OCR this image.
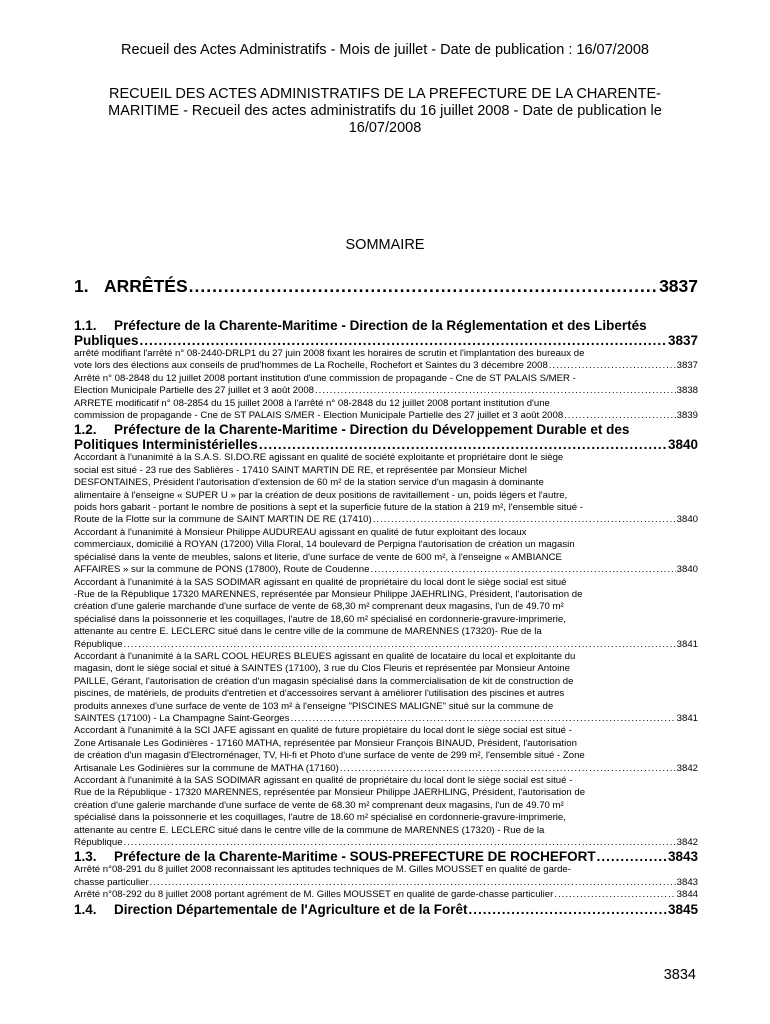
Recueil des Actes Administratifs - Mois de juillet - Date de publication : 16/07/2008
RECUEIL DES ACTES ADMINISTRATIFS DE LA PREFECTURE DE LA CHARENTE-MARITIME - Recueil des actes administratifs du 16 juillet 2008 - Date de publication le 16/07/2008
SOMMAIRE
1. ARRÊTÉS .....	3837
1.1. Préfecture de la Charente-Maritime - Direction de la Réglementation et des Libertés
Publiques .....	3837
arrêté modifiant l'arrêté n° 08-2440-DRLP1 du 27 juin 2008 fixant les horaires de scrutin et l'implantation des bureaux de
vote lors des élections aux conseils de prud'hommes de La Rochelle, Rochefort et Saintes du 3 décembre 2008 .....	3837
Arrêté n° 08-2848 du 12 juillet 2008 portant institution d'une commission de propagande - Cne de ST PALAIS S/MER -
Election Municipale Partielle des 27 juillet et 3 août 2008 .....	3838
ARRETE modificatif n° 08-2854 du 15 juillet 2008 à l'arrêté n° 08-2848 du 12 juillet 2008 portant institution d'une
commission de propagande - Cne de ST PALAIS S/MER - Election Municipale Partielle des 27 juillet et 3 août 2008 .....	3839
1.2. Préfecture de la Charente-Maritime - Direction du Développement Durable et des
Politiques Interministérielles .....	3840
Accordant à l'unanimité à la S.A.S. SI.DO.RE agissant en qualité de société exploitante et propriétaire dont le siège
social est situé - 23 rue des Sablières - 17410 SAINT MARTIN DE RE, et représentée par Monsieur Michel
DESFONTAINES, Président l'autorisation d'extension de 60 m² de la station service d'un magasin à dominante
alimentaire à l'enseigne « SUPER U » par la création de deux positions de ravitaillement - un, poids légers et l'autre,
poids hors gabarit - portant le nombre de positions à sept et la superficie future de la station à 219 m², l'ensemble situé -
Route de la Flotte sur la commune de SAINT MARTIN DE RE (17410) .....	3840
Accordant à l'unanimité à Monsieur Philippe AUDUREAU agissant en qualité de futur exploitant des locaux
commerciaux, domicilié à ROYAN (17200) Villa Floral, 14 boulevard de Perpigna l'autorisation de création un magasin
spécialisé dans la vente de meubles, salons et literie, d'une surface de vente de 600 m², à l'enseigne « AMBIANCE
AFFAIRES » sur la commune de PONS (17800), Route de Coudenne .....	3840
Accordant à l'unanimité à la SAS SODIMAR agissant en qualité de propriétaire du local dont le siège social est situé
-Rue de la République 17320 MARENNES, représentée par Monsieur Philippe JAEHRLING, Président, l'autorisation de
création d'une galerie marchande d'une surface de vente de 68,30 m² comprenant deux magasins, l'un de 49.70 m²
spécialisé dans la poissonnerie et les coquillages, l'autre de 18,60 m² spécialisé en cordonnerie-gravure-imprimerie,
attenante au centre E. LECLERC situé dans le centre ville de la commune de MARENNES (17320)- Rue de la
République .....	3841
Accordant à l'unanimité à la SARL COOL HEURES BLEUES agissant en qualité de locataire du local et exploitante du
magasin, dont le siège social et situé à SAINTES (17100), 3 rue du Clos Fleuris et représentée par Monsieur Antoine
PAILLE, Gérant, l'autorisation de création d'un magasin spécialisé dans la commercialisation de kit de construction de
piscines, de matériels, de produits d'entretien et d'accessoires servant à améliorer l'utilisation des piscines et autres
produits annexes d'une surface de vente de 103 m² à l'enseigne "PISCINES MALIGNE" situé sur la commune de
SAINTES (17100) - La Champagne Saint-Georges .....	3841
Accordant à l'unanimité à la SCI JAFE agissant en qualité de future propiétaire du local dont le siège social est situé -
Zone Artisanale Les Godinières - 17160 MATHA, représentée par Monsieur François BINAUD, Président, l'autorisation
de création d'un magasin d'Electroménager, TV, Hi-fi et Photo d'une surface de vente de 299 m², l'ensemble situé - Zone
Artisanale Les Godinières sur la commune de MATHA (17160) .....	3842
Accordant à l'unanimité à la SAS SODIMAR agissant en qualité de propriétaire du local dont le siège social est situé -
Rue de la République - 17320 MARENNES, représentée par Monsieur Philippe JAERHLING, Président, l'autorisation de
création d'une galerie marchande d'une surface de vente de 68.30 m² comprenant deux magasins, l'un de 49.70 m²
spécialisé dans la poissonnerie et les coquillages, l'autre de 18.60 m² spécialisé en cordonnerie-gravure-imprimerie,
attenante au centre E. LECLERC situé dans le centre ville de la commune de MARENNES (17320) - Rue de la
République .....	3842
1.3.	Préfecture de la Charente-Maritime - SOUS-PREFECTURE DE ROCHEFORT .....	3843
Arrêté n°08-291 du 8 juillet 2008 reconnaissant les aptitudes techniques de M. Gilles MOUSSET en qualité de garde-
chasse particulier .....	3843
Arrêté n°08-292 du 8 juillet 2008 portant agrément de M. Gilles MOUSSET en qualité de garde-chasse particulier .....	3844
1.4.	Direction Départementale de l'Agriculture et de la Forêt .....	3845
3834
